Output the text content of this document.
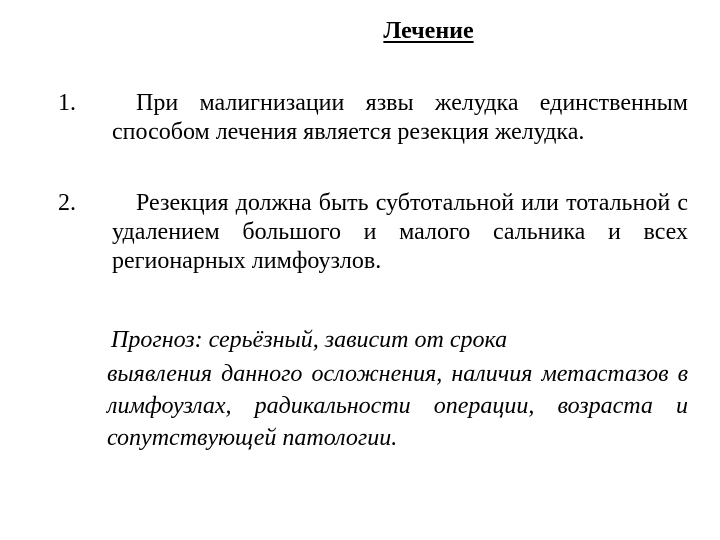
Лечение
1.	При малигнизации язвы желудка единственным способом лечения является резекция желудка.

2.	Резекция должна быть субтотальной или тотальной с удалением большого и малого сальника и всех регионарных лимфоузлов.

Прогноз: серьёзный, зависит от срока
выявления данного осложнения, наличия метастазов в лимфоузлах, радикальности операции, возраста и сопутствующей патологии.
